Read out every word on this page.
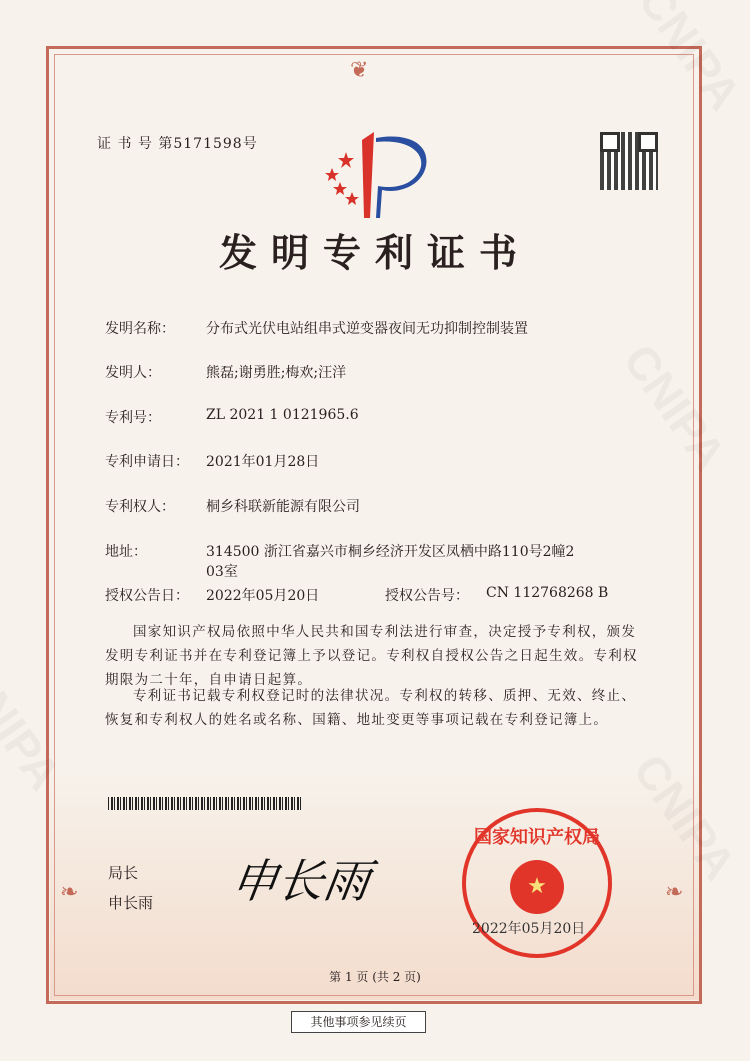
❦
❧	❧
证 书 号 第5171598号
发明专利证书
发明名称：	分布式光伏电站组串式逆变器夜间无功抑制控制装置
发明人：	熊磊;谢勇胜;梅欢;汪洋
专利号：	ZL 2021 1 0121965.6
专利申请日：	2021年01月28日
专利权人：	桐乡科联新能源有限公司
地址：	314500 浙江省嘉兴市桐乡经济开发区凤栖中路110号2幢2
03室
授权公告日：	2022年05月20日	授权公告号：	CN 112768268 B
国家知识产权局依照中华人民共和国专利法进行审查，决定授予专利权，颁发发明专利证书并在专利登记簿上予以登记。专利权自授权公告之日起生效。专利权期限为二十年，自申请日起算。
专利证书记载专利权登记时的法律状况。专利权的转移、质押、无效、终止、恢复和专利权人的姓名或名称、国籍、地址变更等事项记载在专利登记簿上。
局长
申长雨 申长雨
国家知识产权局
★
2022年05月20日
第 1 页 (共 2 页)
其他事项参见续页
